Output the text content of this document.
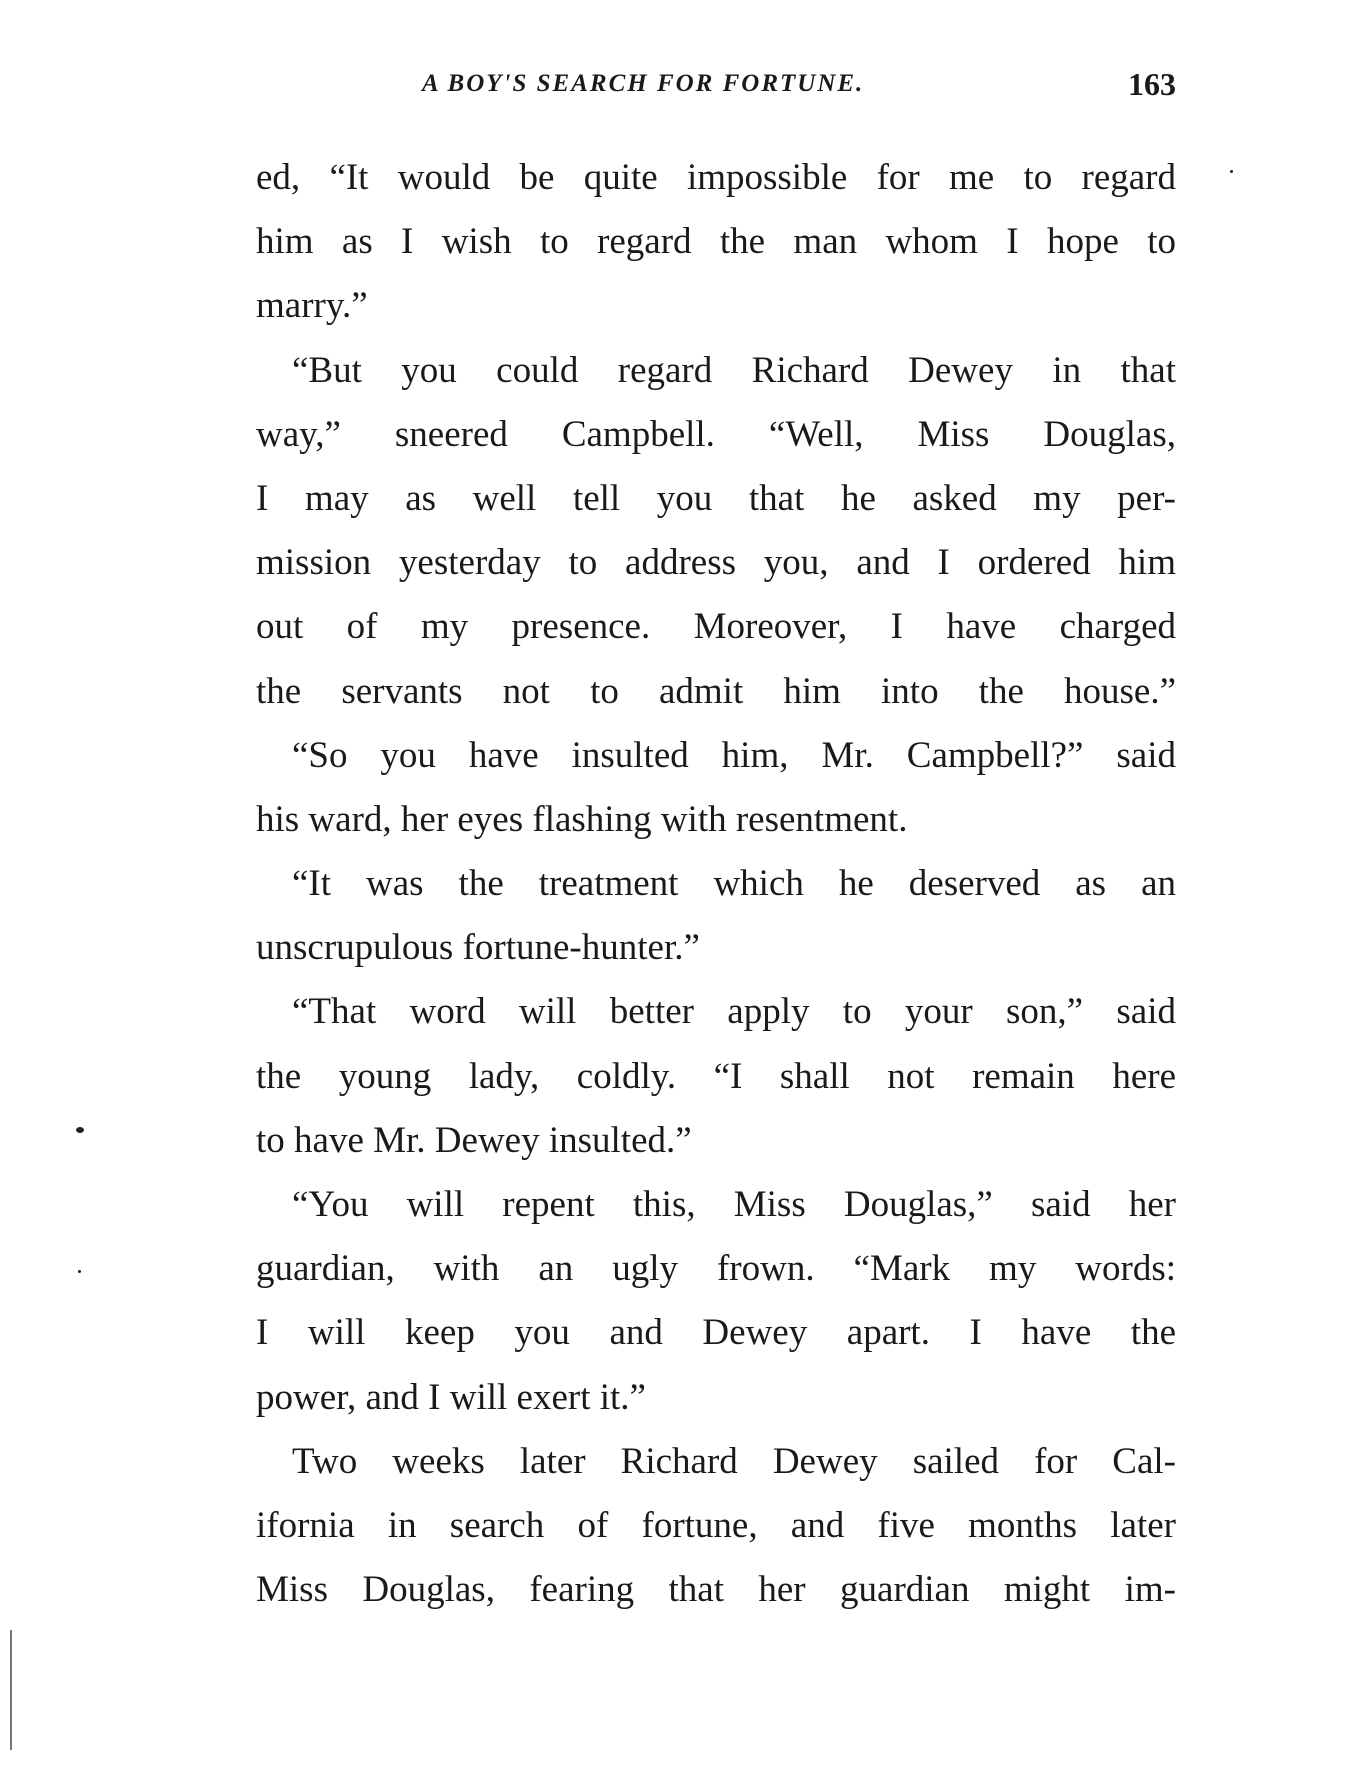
A BOY'S SEARCH FOR FORTUNE.	163
ed, “It would be quite impossible for me to regard
him as I wish to regard the man whom I hope to
marry.”
“But you could regard Richard Dewey in that
way,” sneered Campbell. “Well, Miss Douglas,
I may as well tell you that he asked my per-
mission yesterday to address you, and I ordered him
out of my presence. Moreover, I have charged
the servants not to admit him into the house.”
“So you have insulted him, Mr. Campbell?” said
his ward, her eyes flashing with resentment.
“It was the treatment which he deserved as an
unscrupulous fortune-hunter.”
“That word will better apply to your son,” said
the young lady, coldly. “I shall not remain here
to have Mr. Dewey insulted.”
“You will repent this, Miss Douglas,” said her
guardian, with an ugly frown. “Mark my words:
I will keep you and Dewey apart. I have the
power, and I will exert it.”
Two weeks later Richard Dewey sailed for Cal-
ifornia in search of fortune, and five months later
Miss Douglas, fearing that her guardian might im-
